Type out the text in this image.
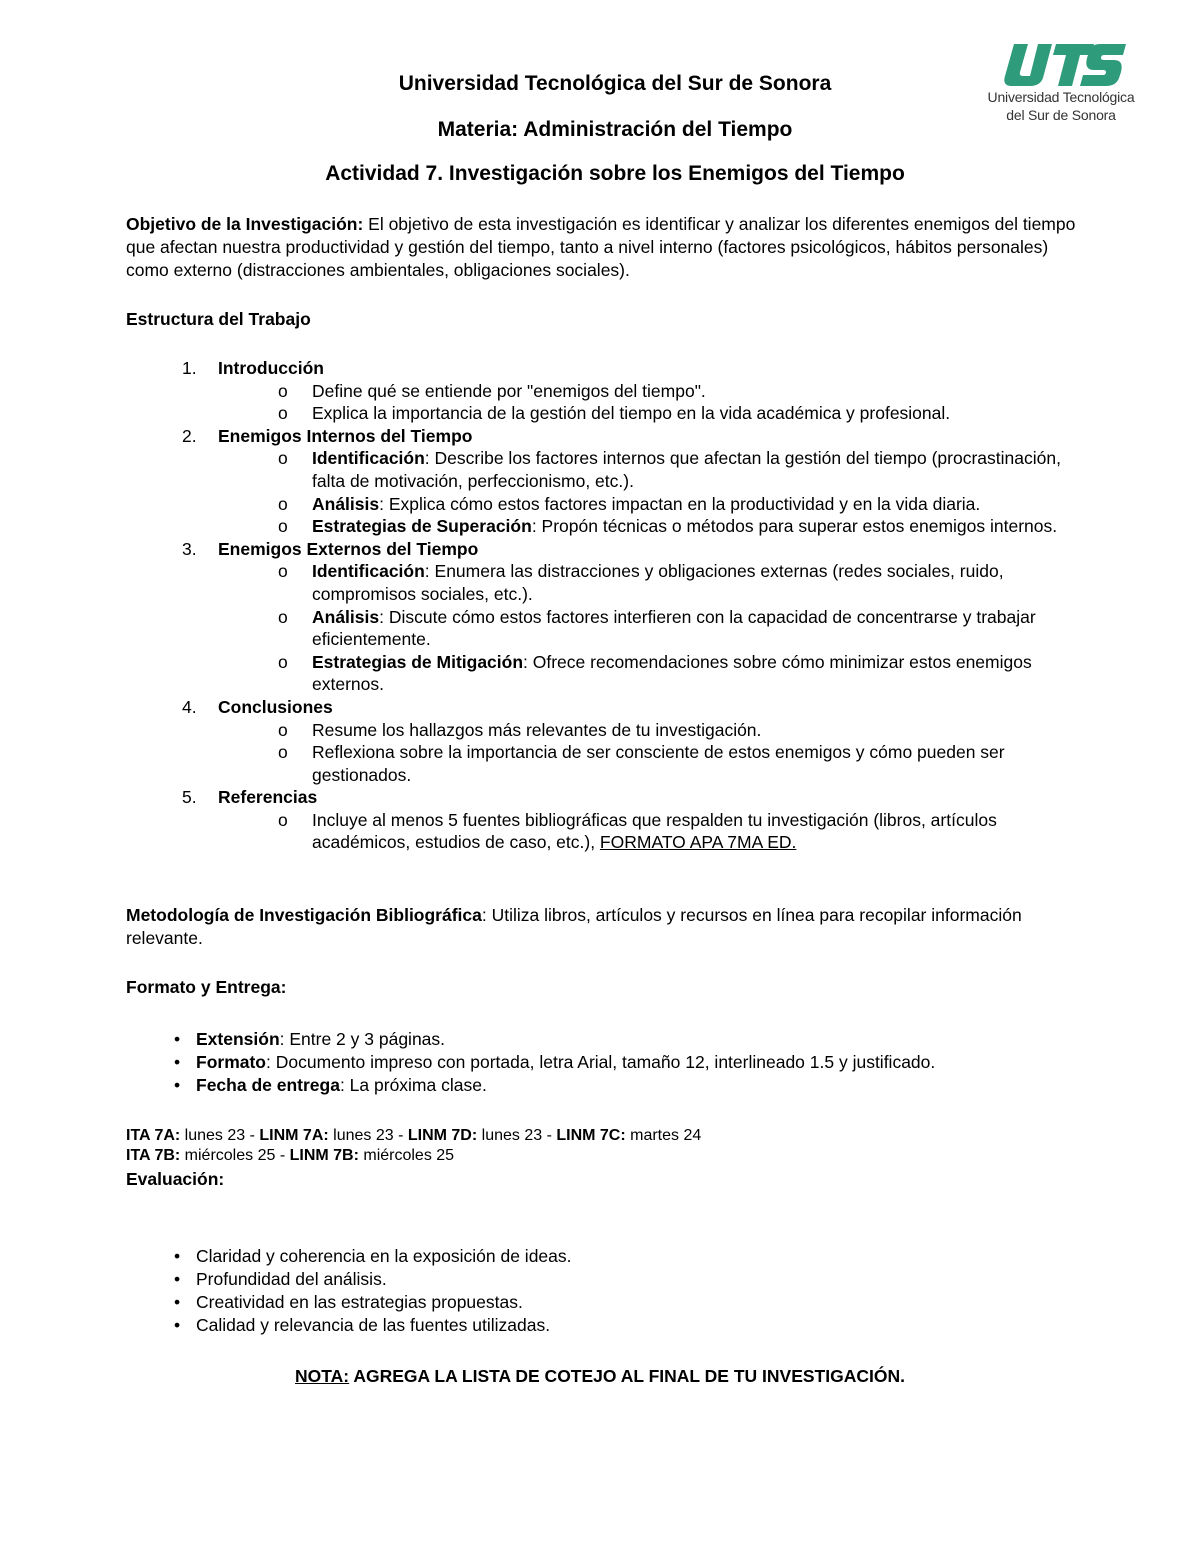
Universidad Tecnológica
del Sur de Sonora
Universidad Tecnológica del Sur de Sonora
Materia: Administración del Tiempo
Actividad 7. Investigación sobre los Enemigos del Tiempo
Objetivo de la Investigación: El objetivo de esta investigación es identificar y analizar los diferentes enemigos del tiempo que afectan nuestra productividad y gestión del tiempo, tanto a nivel interno (factores psicológicos, hábitos personales) como externo (distracciones ambientales, obligaciones sociales).
Estructura del Trabajo
1. Introducción
o Define qué se entiende por "enemigos del tiempo".
o Explica la importancia de la gestión del tiempo en la vida académica y profesional.
2. Enemigos Internos del Tiempo
o Identificación: Describe los factores internos que afectan la gestión del tiempo (procrastinación, falta de motivación, perfeccionismo, etc.).
o Análisis: Explica cómo estos factores impactan en la productividad y en la vida diaria.
o Estrategias de Superación: Propón técnicas o métodos para superar estos enemigos internos.
3. Enemigos Externos del Tiempo
o Identificación: Enumera las distracciones y obligaciones externas (redes sociales, ruido, compromisos sociales, etc.).
o Análisis: Discute cómo estos factores interfieren con la capacidad de concentrarse y trabajar eficientemente.
o Estrategias de Mitigación: Ofrece recomendaciones sobre cómo minimizar estos enemigos externos.
4. Conclusiones
o Resume los hallazgos más relevantes de tu investigación.
o Reflexiona sobre la importancia de ser consciente de estos enemigos y cómo pueden ser gestionados.
5. Referencias
o Incluye al menos 5 fuentes bibliográficas que respalden tu investigación (libros, artículos académicos, estudios de caso, etc.), FORMATO APA 7MA ED.
Metodología de Investigación Bibliográfica: Utiliza libros, artículos y recursos en línea para recopilar información relevante.
Formato y Entrega:
• Extensión: Entre 2 y 3 páginas.
• Formato: Documento impreso con portada, letra Arial, tamaño 12, interlineado 1.5 y justificado.
• Fecha de entrega: La próxima clase.
ITA 7A: lunes 23 - LINM 7A: lunes 23 - LINM 7D: lunes 23 - LINM 7C: martes 24
ITA 7B: miércoles 25 - LINM 7B: miércoles 25
Evaluación:
• Claridad y coherencia en la exposición de ideas.
• Profundidad del análisis.
• Creatividad en las estrategias propuestas.
• Calidad y relevancia de las fuentes utilizadas.
NOTA: AGREGA LA LISTA DE COTEJO AL FINAL DE TU INVESTIGACIÓN.
